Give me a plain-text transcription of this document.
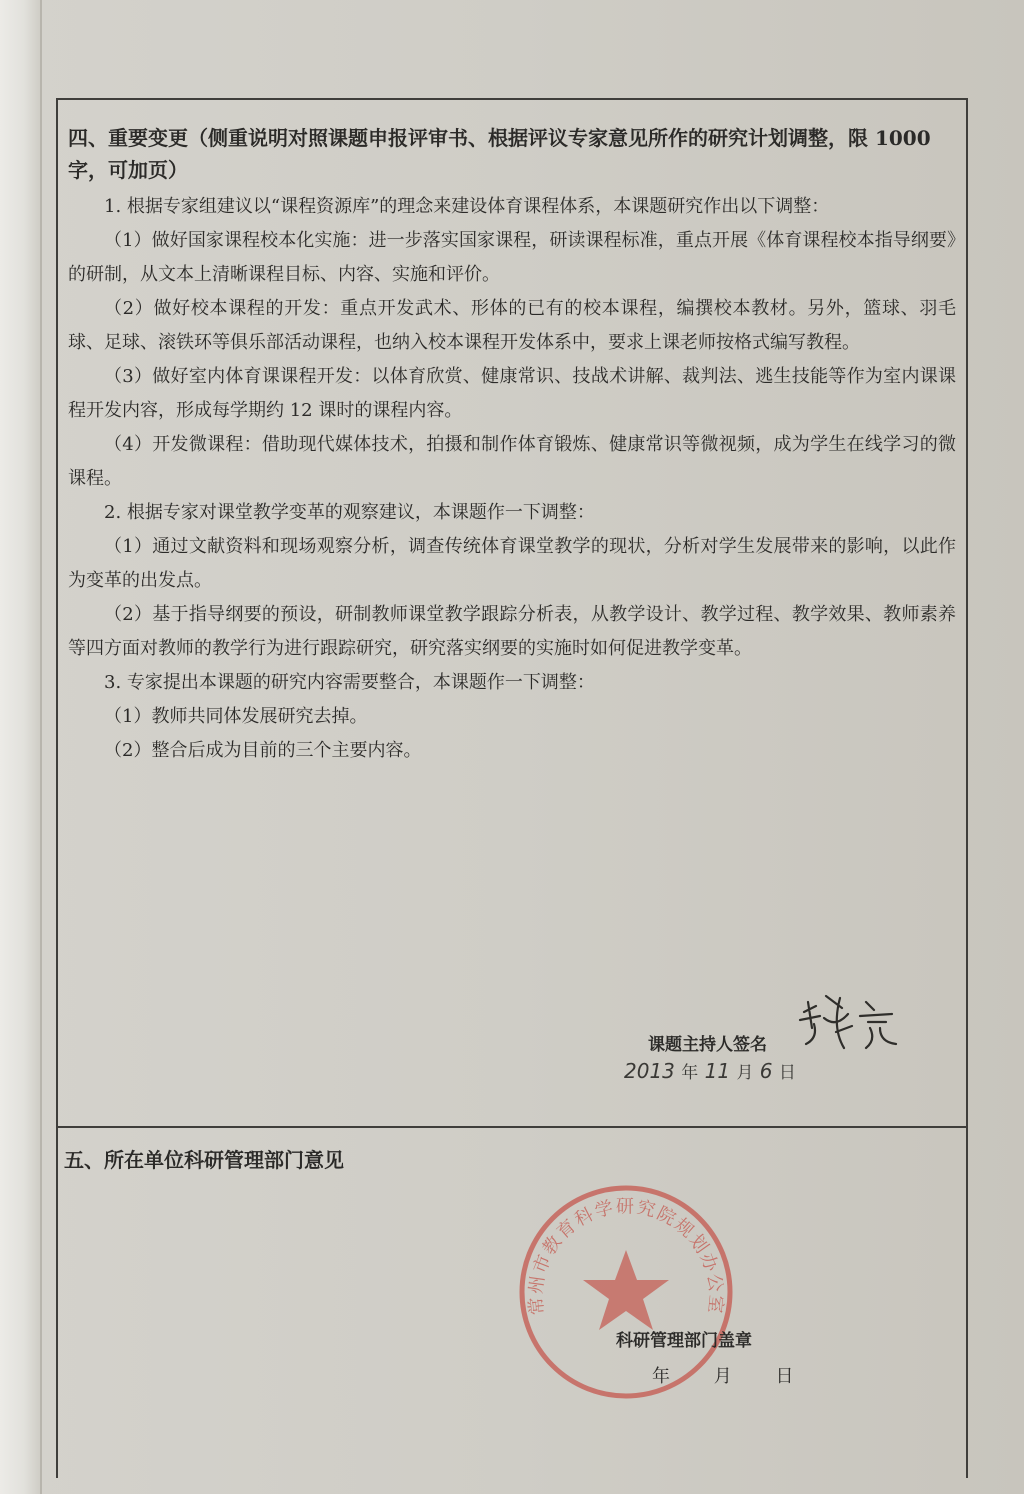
四、重要变更（侧重说明对照课题申报评审书、根据评议专家意见所作的研究计划调整，限 1000 字，可加页）

1. 根据专家组建议以“课程资源库”的理念来建设体育课程体系，本课题研究作出以下调整：

（1）做好国家课程校本化实施：进一步落实国家课程，研读课程标准，重点开展《体育课程校本指导纲要》的研制，从文本上清晰课程目标、内容、实施和评价。

（2）做好校本课程的开发：重点开发武术、形体的已有的校本课程，编撰校本教材。另外，篮球、羽毛球、足球、滚铁环等俱乐部活动课程，也纳入校本课程开发体系中，要求上课老师按格式编写教程。

（3）做好室内体育课课程开发：以体育欣赏、健康常识、技战术讲解、裁判法、逃生技能等作为室内课课程开发内容，形成每学期约 12 课时的课程内容。

（4）开发微课程：借助现代媒体技术，拍摄和制作体育锻炼、健康常识等微视频，成为学生在线学习的微课程。

2. 根据专家对课堂教学变革的观察建议，本课题作一下调整：

（1）通过文献资料和现场观察分析，调查传统体育课堂教学的现状，分析对学生发展带来的影响，以此作为变革的出发点。

（2）基于指导纲要的预设，研制教师课堂教学跟踪分析表，从教学设计、教学过程、教学效果、教师素养等四方面对教师的教学行为进行跟踪研究，研究落实纲要的实施时如何促进教学变革。

3. 专家提出本课题的研究内容需要整合，本课题作一下调整：

（1）教师共同体发展研究去掉。

（2）整合后成为目前的三个主要内容。

课题主持人签名
2013 年 11 月 6 日
五、所在单位科研管理部门意见
常州市教育科学研究院规划办公室
科研管理部门盖章
年 月 日
